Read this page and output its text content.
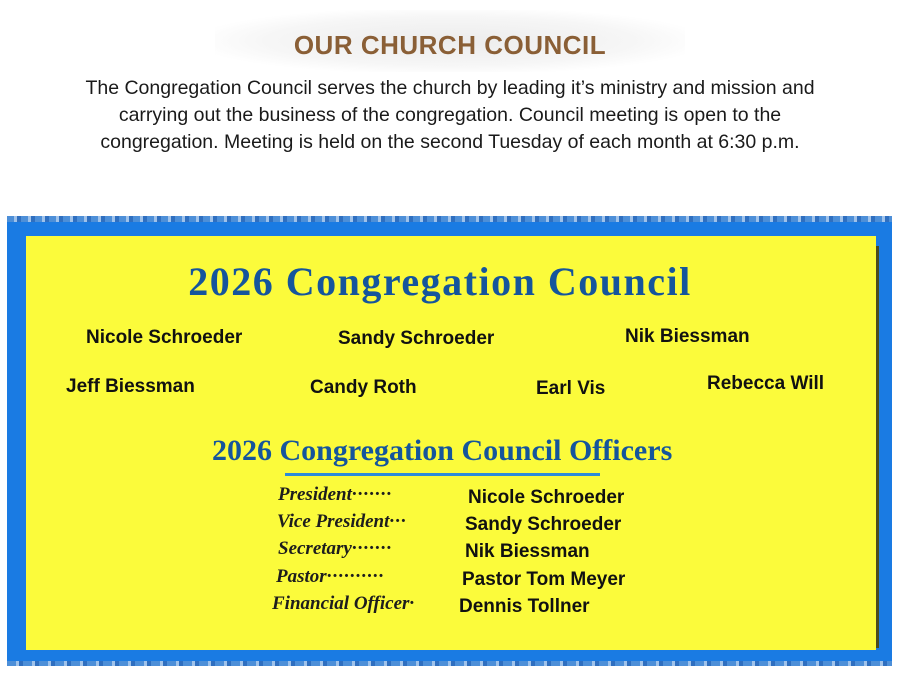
OUR CHURCH COUNCIL
The Congregation Council serves the church by leading it’s ministry and mission and
carrying out the business of the congregation. Council meeting is open to the
congregation. Meeting is held on the second Tuesday of each month at 6:30 p.m.
2026 Congregation Council
Nicole Schroeder	Sandy Schroeder	Nik Biessman
Jeff Biessman	Candy Roth	Earl Vis	Rebecca Will
2026 Congregation Council Officers
President·······	Nicole Schroeder
Vice President···	Sandy Schroeder
Secretary·······	Nik Biessman
Pastor··········	Pastor Tom Meyer
Financial Officer· Dennis Tollner
